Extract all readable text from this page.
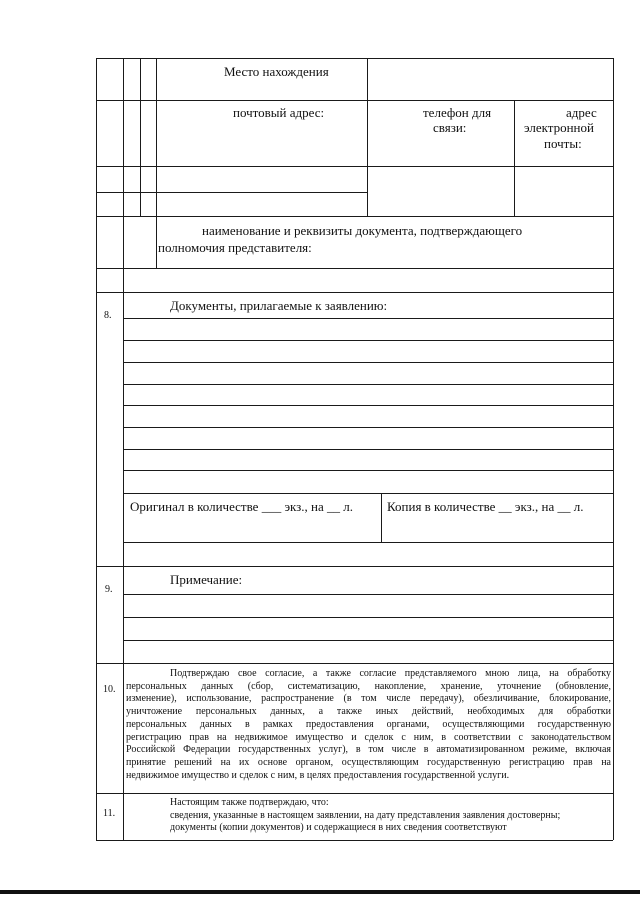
Место нахождения
почтовый адрес:	телефон для
связи:
адрес
электронной
почты:
наименование и реквизиты документа, подтверждающего
полномочия представителя:
8.
Документы, прилагаемые к заявлению:
Оригинал в количестве ___ экз., на __ л.	Копия в количестве __ экз., на __ л.
9.
Примечание:
10.
Подтверждаю свое согласие, а также согласие представляемого мною лица, на обработку
персональных данных (сбор, систематизацию, накопление, хранение, уточнение (обновление,
изменение), использование, распространение (в том числе передачу), обезличивание, блокирование,
уничтожение персональных данных, а также иных действий, необходимых для обработки
персональных данных в рамках предоставления органами, осуществляющими государственную
регистрацию прав на недвижимое имущество и сделок с ним, в соответствии с законодательством
Российской Федерации государственных услуг), в том числе в автоматизированном режиме, включая
принятие решений на их основе органом, осуществляющим государственную регистрацию прав на
недвижимое имущество и сделок с ним, в целях предоставления государственной услуги.
11.
Настоящим также подтверждаю, что:
сведения, указанные в настоящем заявлении, на дату представления заявления достоверны;
документы (копии документов) и содержащиеся в них сведения соответствуют
